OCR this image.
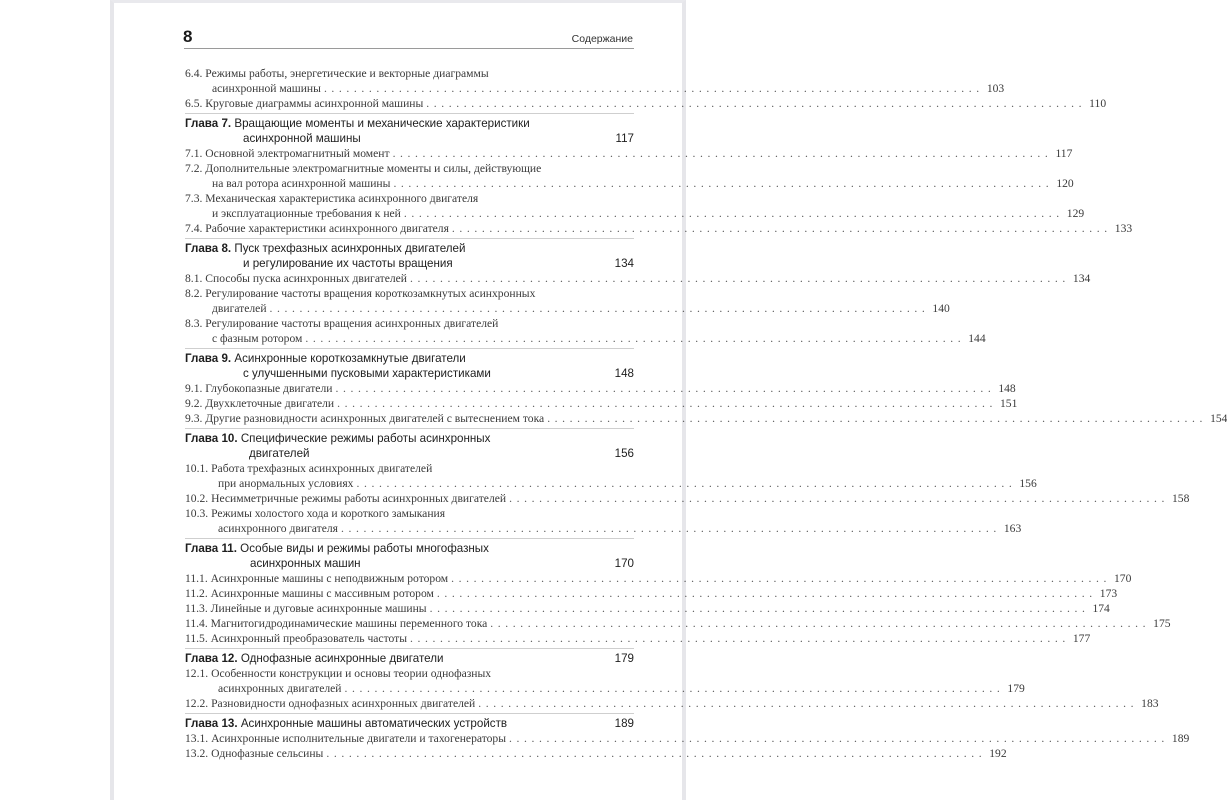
8	Содержание
6.4. Режимы работы, энергетические и векторные диаграммы
асинхронной машины ........................................................................................ 103
6.5. Круговые диаграммы асинхронной машины ........................................................................................ 110
Глава 7. Вращающие моменты и механические характеристики
асинхронной машины	117
7.1. Основной электромагнитный момент ........................................................................................ 117
7.2. Дополнительные электромагнитные моменты и силы, действующие
на вал ротора асинхронной машины ........................................................................................ 120
7.3. Механическая характеристика асинхронного двигателя
и эксплуатационные требования к ней ........................................................................................ 129
7.4. Рабочие характеристики асинхронного двигателя ........................................................................................ 133
Глава 8. Пуск трехфазных асинхронных двигателей
и регулирование их частоты вращения	134
8.1. Способы пуска асинхронных двигателей ........................................................................................ 134
8.2. Регулирование частоты вращения короткозамкнутых асинхронных
двигателей ........................................................................................ 140
8.3. Регулирование частоты вращения асинхронных двигателей
с фазным ротором ........................................................................................ 144
Глава 9. Асинхронные короткозамкнутые двигатели
с улучшенными пусковыми характеристиками	148
9.1. Глубокопазные двигатели ........................................................................................ 148
9.2. Двухклеточные двигатели ........................................................................................ 151
9.3. Другие разновидности асинхронных двигателей с вытеснением тока ........................................................................................ 154
Глава 10. Специфические режимы работы асинхронных
двигателей	156
10.1. Работа трехфазных асинхронных двигателей
при анормальных условиях ........................................................................................ 156
10.2. Несимметричные режимы работы асинхронных двигателей ........................................................................................ 158
10.3. Режимы холостого хода и короткого замыкания
асинхронного двигателя ........................................................................................ 163
Глава 11. Особые виды и режимы работы многофазных
асинхронных машин	170
11.1. Асинхронные машины с неподвижным ротором ........................................................................................ 170
11.2. Асинхронные машины с массивным ротором ........................................................................................ 173
11.3. Линейные и дуговые асинхронные машины ........................................................................................ 174
11.4. Магнитогидродинамические машины переменного тока ........................................................................................ 175
11.5. Асинхронный преобразователь частоты ........................................................................................ 177
Глава 12. Однофазные асинхронные двигатели	179
12.1. Особенности конструкции и основы теории однофазных
асинхронных двигателей ........................................................................................ 179
12.2. Разновидности однофазных асинхронных двигателей ........................................................................................ 183
Глава 13. Асинхронные машины автоматических устройств	189
13.1. Асинхронные исполнительные двигатели и тахогенераторы ........................................................................................ 189
13.2. Однофазные сельсины ........................................................................................ 192
